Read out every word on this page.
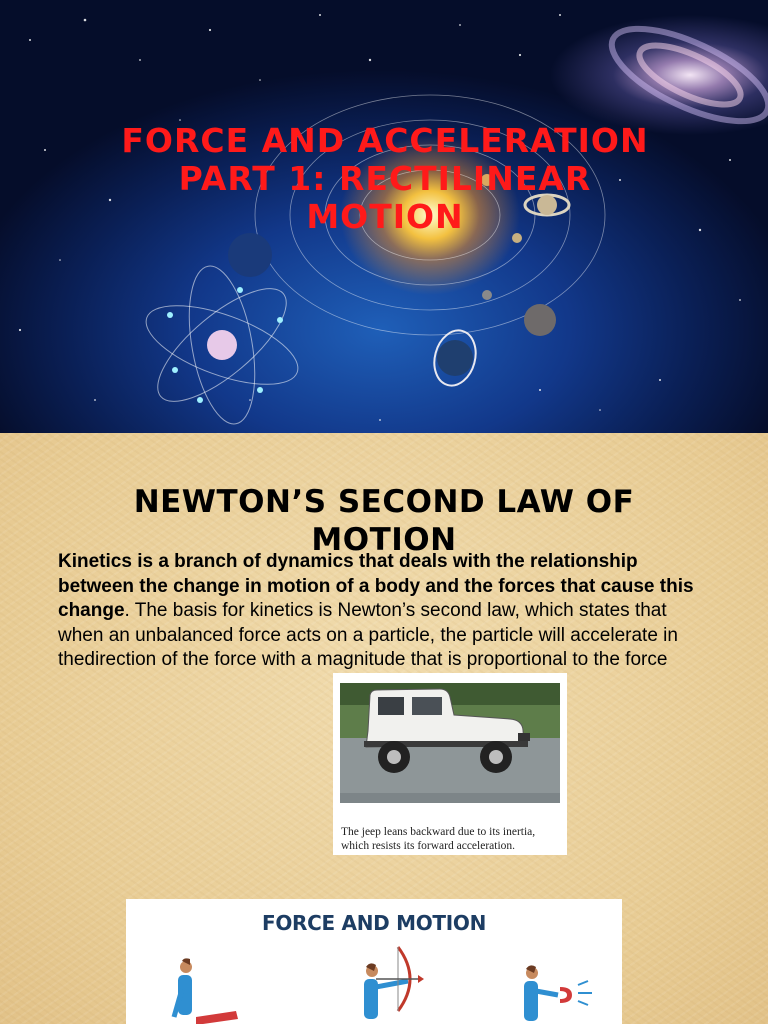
FORCE AND ACCELERATION
PART 1: RECTILINEAR
MOTION
NEWTON’S SECOND LAW OF
MOTION

Kinetics is a branch of dynamics that deals with the relationship between the change in motion of a body and the forces that cause this change. The basis for kinetics is Newton’s second law, which states that when an unbalanced force acts on a particle, the particle will accelerate in thedirection of the force with a magnitude that is proportional to the force

The jeep leans backward due to its inertia,
which resists its forward acceleration.
FORCE AND MOTION
